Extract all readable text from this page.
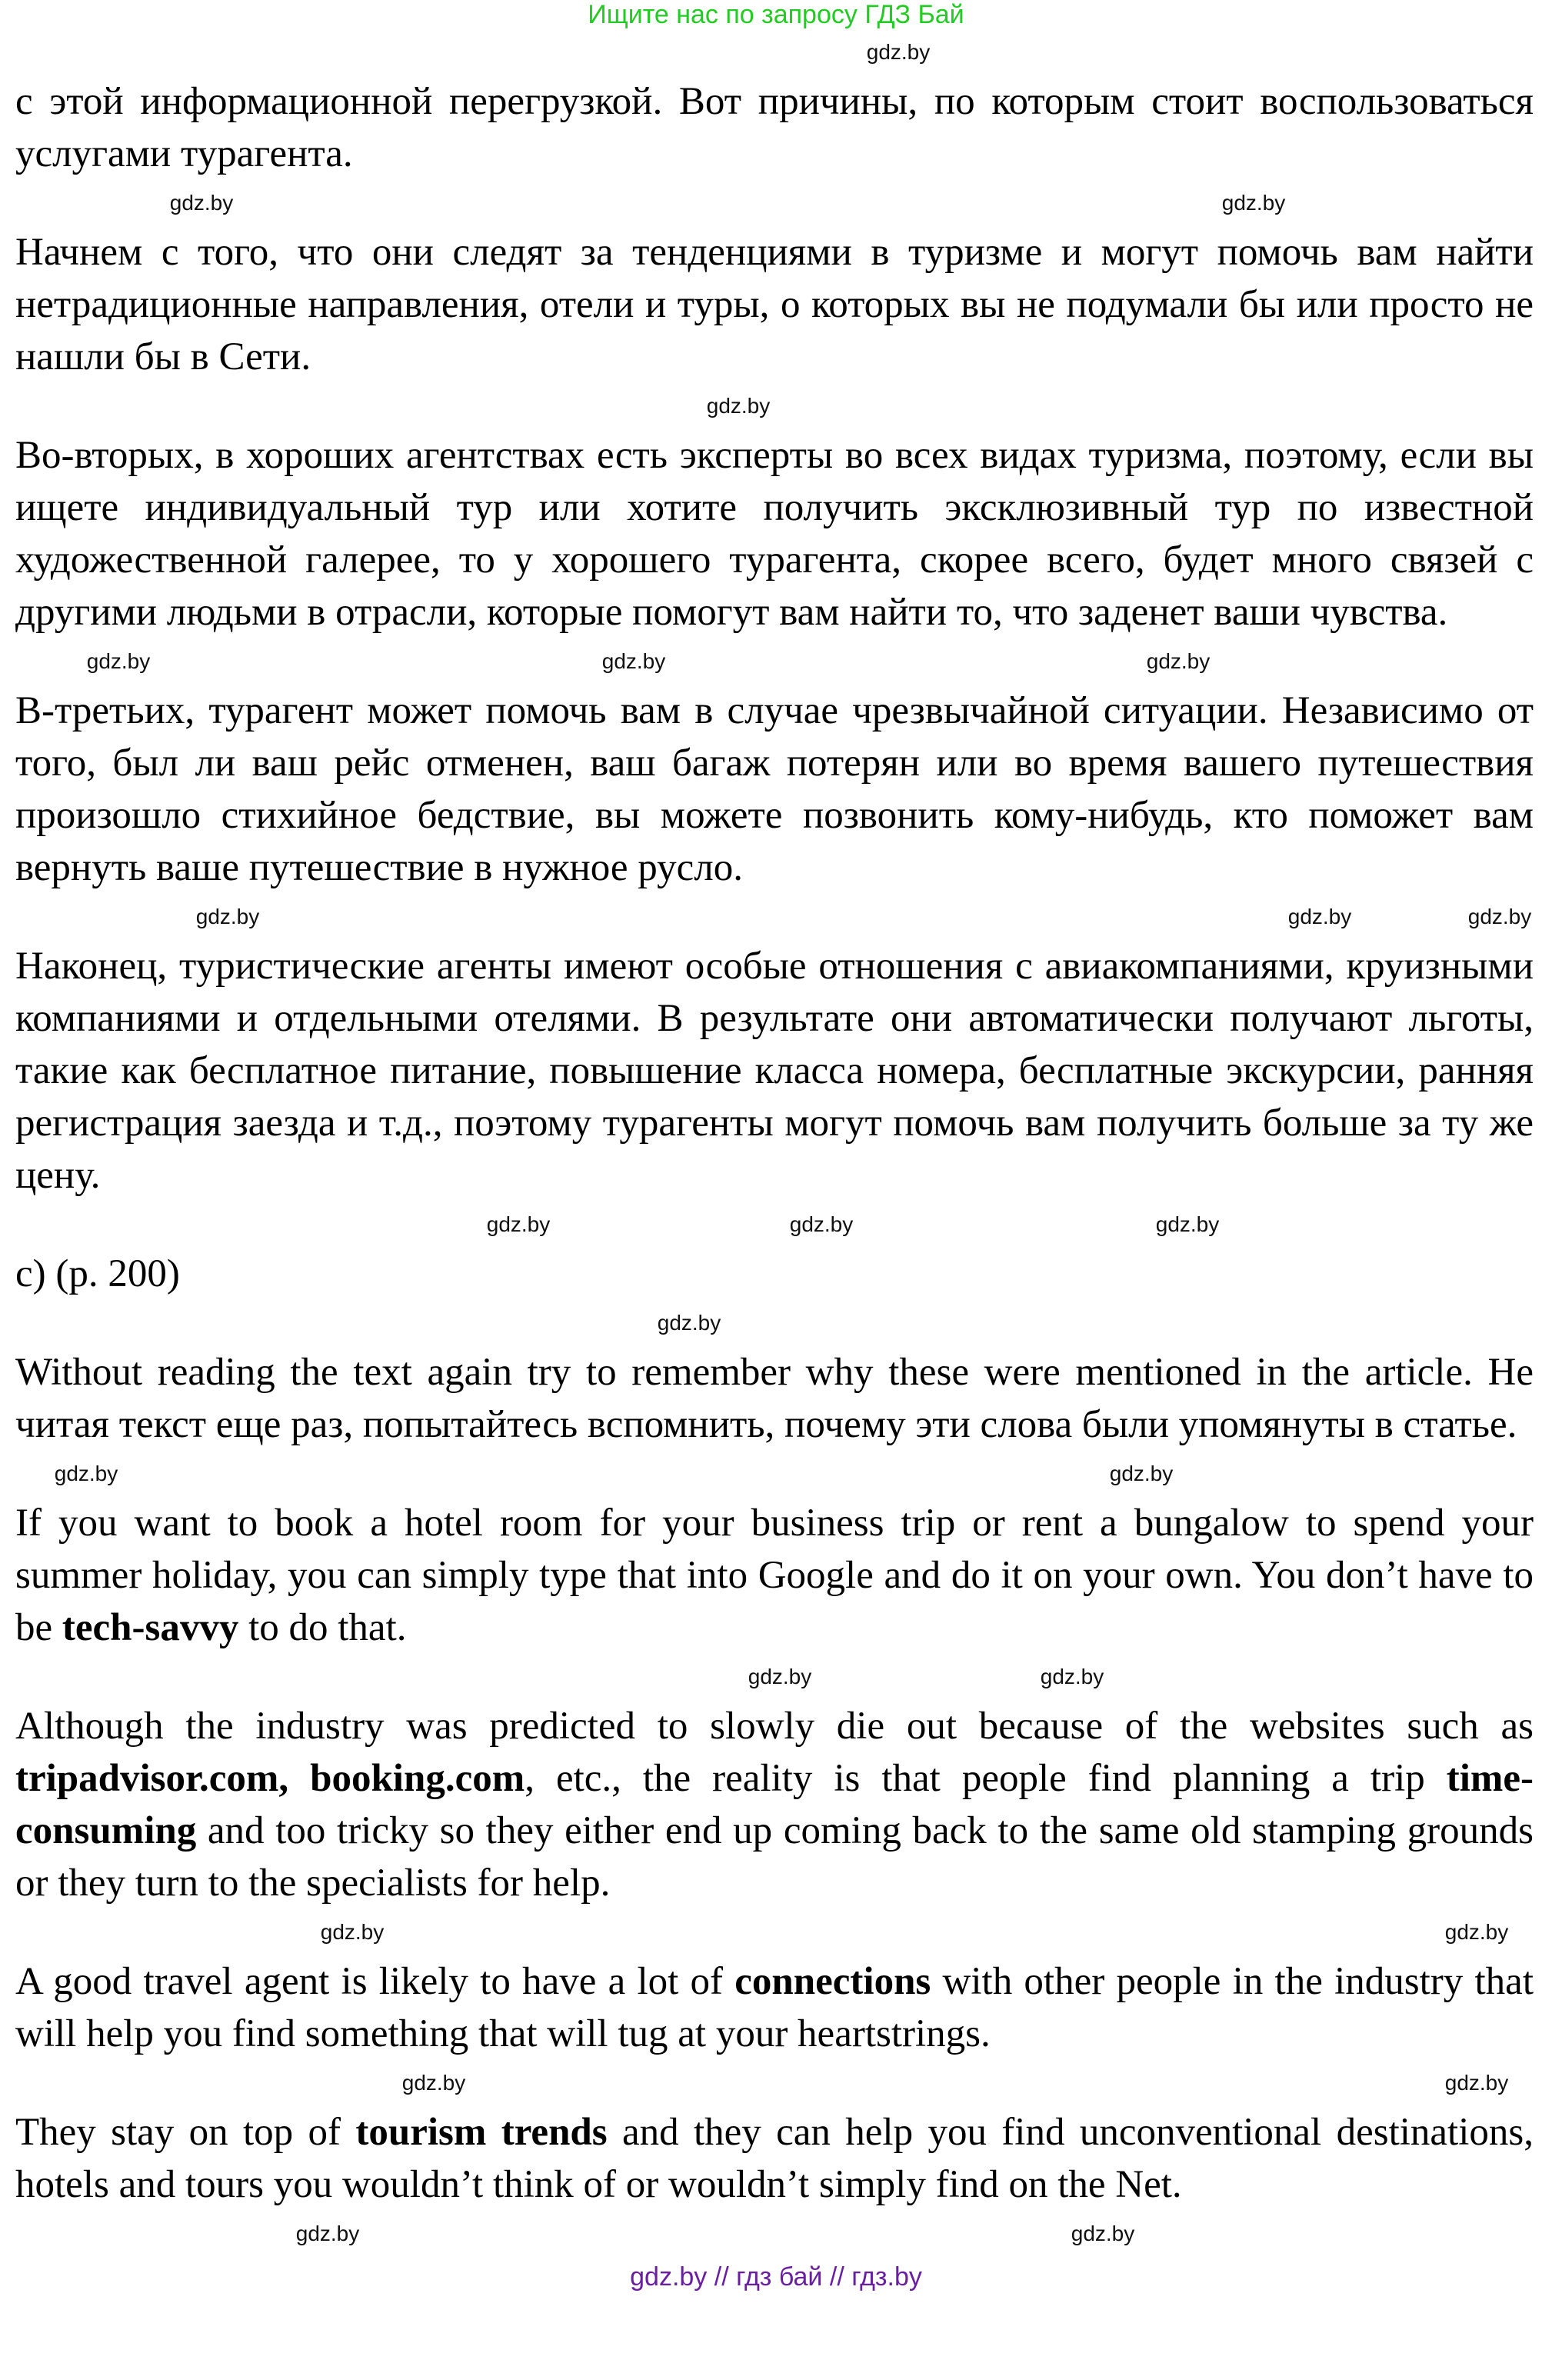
Ищите нас по запросу ГДЗ Бай
gdz.by

с этой информационной перегрузкой. Вот причины, по которым стоит воспользоваться услугами турагента.

gdz.by
gdz.by

Начнем с того, что они следят за тенденциями в туризме и могут помочь вам найти нетрадиционные направления, отели и туры, о которых вы не подумали бы или просто не нашли бы в Сети.

gdz.by

Во-вторых, в хороших агентствах есть эксперты во всех видах туризма, поэтому, если вы ищете индивидуальный тур или хотите получить эксклюзивный тур по известной художественной галерее, то у хорошего турагента, скорее всего, будет много связей с другими людьми в отрасли, которые помогут вам найти то, что заденет ваши чувства.

gdz.by	gdz.by
gdz.by

В-третьих, турагент может помочь вам в случае чрезвычайной ситуации. Независимо от того, был ли ваш рейс отменен, ваш багаж потерян или во время вашего путешествия произошло стихийное бедствие, вы можете позвонить кому-нибудь, кто поможет вам вернуть ваше путешествие в нужное русло.

gdz.by	gdz.by
gdz.by

Наконец, туристические агенты имеют особые отношения с авиакомпаниями, круизными компаниями и отдельными отелями. В результате они автоматически получают льготы, такие как бесплатное питание, повышение класса номера, бесплатные экскурсии, ранняя регистрация заезда и т.д., поэтому турагенты могут помочь вам получить больше за ту же цену.

gdz.by
gdz.by	gdz.by

c) (p. 200)

gdz.by

Without reading the text again try to remember why these were mentioned in the article. Не читая текст еще раз, попытайтесь вспомнить, почему эти слова были упомянуты в статье.

gdz.by
gdz.by

If you want to book a hotel room for your business trip or rent a bungalow to spend your summer holiday, you can simply type that into Google and do it on your own. You don’t have to be tech-savvy to do that.

gdz.by
gdz.by

Although the industry was predicted to slowly die out because of the websites such as tripadvisor.com, booking.com, etc., the reality is that people find planning a trip time-consuming and too tricky so they either end up coming back to the same old stamping grounds or they turn to the specialists for help.

gdz.by
gdz.by

A good travel agent is likely to have a lot of connections with other people in the industry that will help you find something that will tug at your heartstrings.

gdz.by
gdz.by

They stay on top of tourism trends and they can help you find unconventional destinations, hotels and tours you wouldn’t think of or wouldn’t simply find on the Net.

gdz.by	gdz.by
gdz.by // гдз бай // гдз.by
